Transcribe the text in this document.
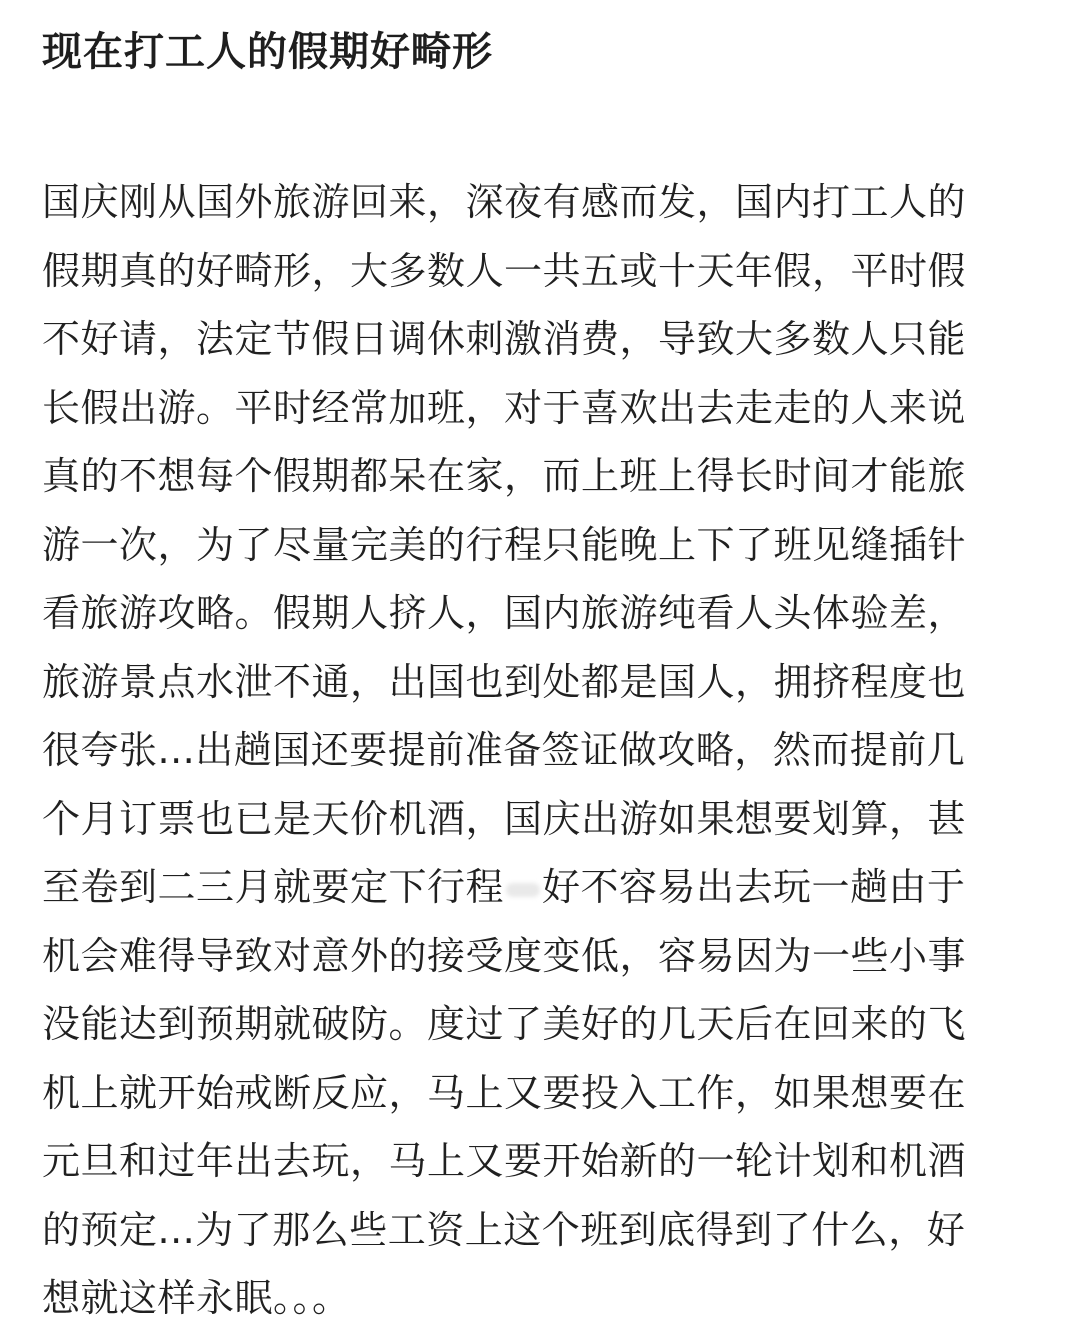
现在打工人的假期好畸形
国庆刚从国外旅游回来，深夜有感而发，国内打工人的
假期真的好畸形，大多数人一共五或十天年假，平时假
不好请，法定节假日调休刺激消费，导致大多数人只能
长假出游。平时经常加班，对于喜欢出去走走的人来说
真的不想每个假期都呆在家，而上班上得长时间才能旅
游一次，为了尽量完美的行程只能晚上下了班见缝插针
看旅游攻略。假期人挤人，国内旅游纯看人头体验差，
旅游景点水泄不通，出国也到处都是国人，拥挤程度也
很夸张...出趟国还要提前准备签证做攻略，然而提前几
个月订票也已是天价机酒，国庆出游如果想要划算，甚
至卷到二三月就要定下行程 好不容易出去玩一趟由于
机会难得导致对意外的接受度变低，容易因为一些小事
没能达到预期就破防。度过了美好的几天后在回来的飞
机上就开始戒断反应，马上又要投入工作，如果想要在
元旦和过年出去玩，马上又要开始新的一轮计划和机酒
的预定...为了那么些工资上这个班到底得到了什么，好
想就这样永眠。。。
